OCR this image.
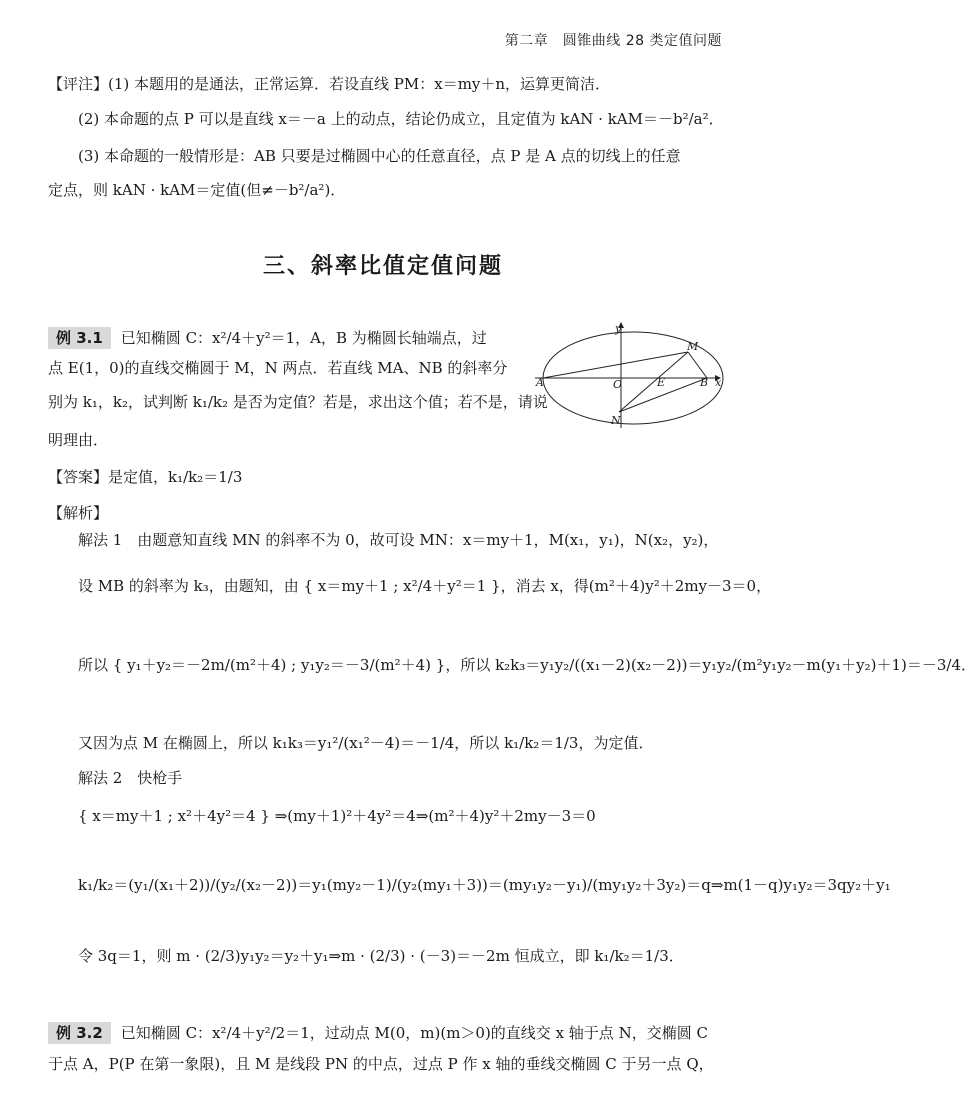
第二章　圆锥曲线 28 类定值问题
【评注】(1) 本题用的是通法，正常运算．若设直线 PM：x＝my＋n，运算更简洁．
(2) 本命题的点 P 可以是直线 x＝－a 上的动点，结论仍成立，且定值为 kAN · kAM＝－b²/a²．
(3) 本命题的一般情形是：AB 只要是过椭圆中心的任意直径，点 P 是 A 点的切线上的任意
定点，则 kAN · kAM＝定值(但≠－b²/a²)．
三、斜率比值定值问题
例 3.1 已知椭圆 C：x²/4＋y²＝1，A，B 为椭圆长轴端点，过
点 E(1，0)的直线交椭圆于 M，N 两点．若直线 MA、NB 的斜率分
别为 k₁，k₂，试判断 k₁/k₂ 是否为定值？若是，求出这个值；若不是，请说
明理由．
y
M
A	O	E	B x
N
【答案】是定值，k₁/k₂＝1/3
【解析】
解法 1　由题意知直线 MN 的斜率不为 0，故可设 MN：x＝my＋1，M(x₁，y₁)，N(x₂，y₂)，
设 MB 的斜率为 k₃，由题知，由 { x＝my＋1 ; x²/4＋y²＝1 }，消去 x，得(m²＋4)y²＋2my－3＝0，
所以 { y₁＋y₂＝－2m/(m²＋4) ; y₁y₂＝－3/(m²＋4) }，所以 k₂k₃＝y₁y₂/((x₁－2)(x₂－2))＝y₁y₂/(m²y₁y₂－m(y₁＋y₂)＋1)＝－3/4．
又因为点 M 在椭圆上，所以 k₁k₃＝y₁²/(x₁²－4)＝－1/4，所以 k₁/k₂＝1/3，为定值．
解法 2　快枪手
{ x＝my＋1 ; x²＋4y²＝4 } ⇒(my＋1)²＋4y²＝4⇒(m²＋4)y²＋2my－3＝0
k₁/k₂＝(y₁/(x₁＋2))/(y₂/(x₂－2))＝y₁(my₂－1)/(y₂(my₁＋3))＝(my₁y₂－y₁)/(my₁y₂＋3y₂)＝q⇒m(1－q)y₁y₂＝3qy₂＋y₁
令 3q＝1，则 m · (2/3)y₁y₂＝y₂＋y₁⇒m · (2/3) · (－3)＝－2m 恒成立，即 k₁/k₂＝1/3．
例 3.2 已知椭圆 C：x²/4＋y²/2＝1，过动点 M(0，m)(m＞0)的直线交 x 轴于点 N，交椭圆 C
于点 A，P(P 在第一象限)，且 M 是线段 PN 的中点，过点 P 作 x 轴的垂线交椭圆 C 于另一点 Q，
